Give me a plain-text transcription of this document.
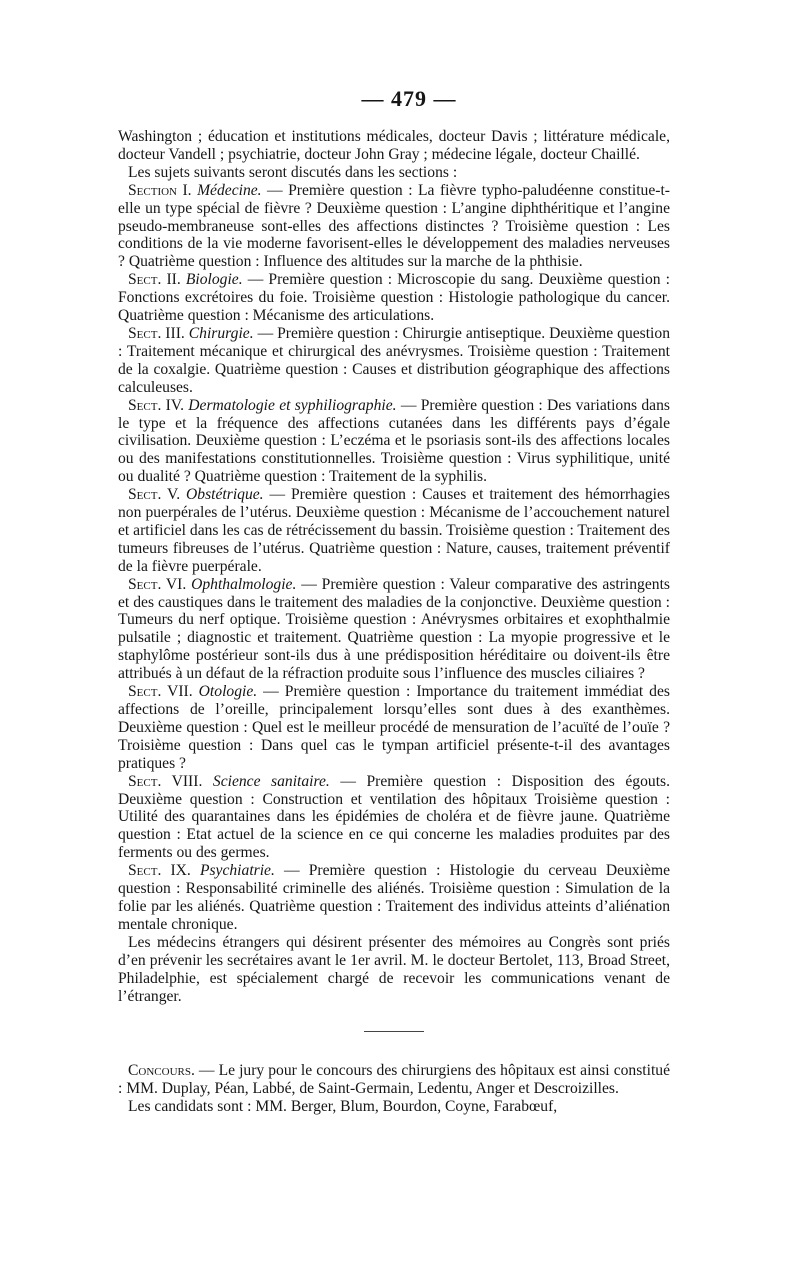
— 479 —

Washington ; éducation et institutions médicales, docteur Davis ; littérature médicale, docteur Vandell ; psychiatrie, docteur John Gray ; médecine légale, docteur Chaillé.

Les sujets suivants seront discutés dans les sections :

Section I. Médecine. — Première question : La fièvre typho-paludéenne constitue-t-elle un type spécial de fièvre ? Deuxième question : L’angine diphthéritique et l’angine pseudo-membraneuse sont-elles des affections distinctes ? Troisième question : Les conditions de la vie moderne favorisent-elles le développement des maladies nerveuses ? Quatrième question : Influence des altitudes sur la marche de la phthisie.

Sect. II. Biologie. — Première question : Microscopie du sang. Deuxième question : Fonctions excrétoires du foie. Troisième question : Histologie pathologique du cancer. Quatrième question : Mécanisme des articulations.

Sect. III. Chirurgie. — Première question : Chirurgie antiseptique. Deuxième question : Traitement mécanique et chirurgical des anévrysmes. Troisième question : Traitement de la coxalgie. Quatrième question : Causes et distribution géographique des affections calculeuses.

Sect. IV. Dermatologie et syphiliographie. — Première question : Des variations dans le type et la fréquence des affections cutanées dans les différents pays d’égale civilisation. Deuxième question : L’eczéma et le psoriasis sont-ils des affections locales ou des manifestations constitutionnelles. Troisième question : Virus syphilitique, unité ou dualité ? Quatrième question : Traitement de la syphilis.

Sect. V. Obstétrique. — Première question : Causes et traitement des hémorrhagies non puerpérales de l’utérus. Deuxième question : Mécanisme de l’accouchement naturel et artificiel dans les cas de rétrécissement du bassin. Troisième question : Traitement des tumeurs fibreuses de l’utérus. Quatrième question : Nature, causes, traitement préventif de la fièvre puerpérale.

Sect. VI. Ophthalmologie. — Première question : Valeur comparative des astringents et des caustiques dans le traitement des maladies de la conjonctive. Deuxième question : Tumeurs du nerf optique. Troisième question : Anévrysmes orbitaires et exophthalmie pulsatile ; diagnostic et traitement. Quatrième question : La myopie progressive et le staphylôme postérieur sont-ils dus à une prédisposition héréditaire ou doivent-ils être attribués à un défaut de la réfraction produite sous l’influence des muscles ciliaires ?

Sect. VII. Otologie. — Première question : Importance du traitement immédiat des affections de l’oreille, principalement lorsqu’elles sont dues à des exanthèmes. Deuxième question : Quel est le meilleur procédé de mensuration de l’acuïté de l’ouïe ? Troisième question : Dans quel cas le tympan artificiel présente-t-il des avantages pratiques ?

Sect. VIII. Science sanitaire. — Première question : Disposition des égouts. Deuxième question : Construction et ventilation des hôpitaux Troisième question : Utilité des quarantaines dans les épidémies de choléra et de fièvre jaune. Quatrième question : Etat actuel de la science en ce qui concerne les maladies produites par des ferments ou des germes.

Sect. IX. Psychiatrie. — Première question : Histologie du cerveau Deuxième question : Responsabilité criminelle des aliénés. Troisième question : Simulation de la folie par les aliénés. Quatrième question : Traitement des individus atteints d’aliénation mentale chronique.

Les médecins étrangers qui désirent présenter des mémoires au Congrès sont priés d’en prévenir les secrétaires avant le 1er avril. M. le docteur Bertolet, 113, Broad Street, Philadelphie, est spécialement chargé de recevoir les communications venant de l’étranger.

Concours. — Le jury pour le concours des chirurgiens des hôpitaux est ainsi constitué : MM. Duplay, Péan, Labbé, de Saint-Germain, Ledentu, Anger et Descroizilles.

Les candidats sont : MM. Berger, Blum, Bourdon, Coyne, Farabœuf,
